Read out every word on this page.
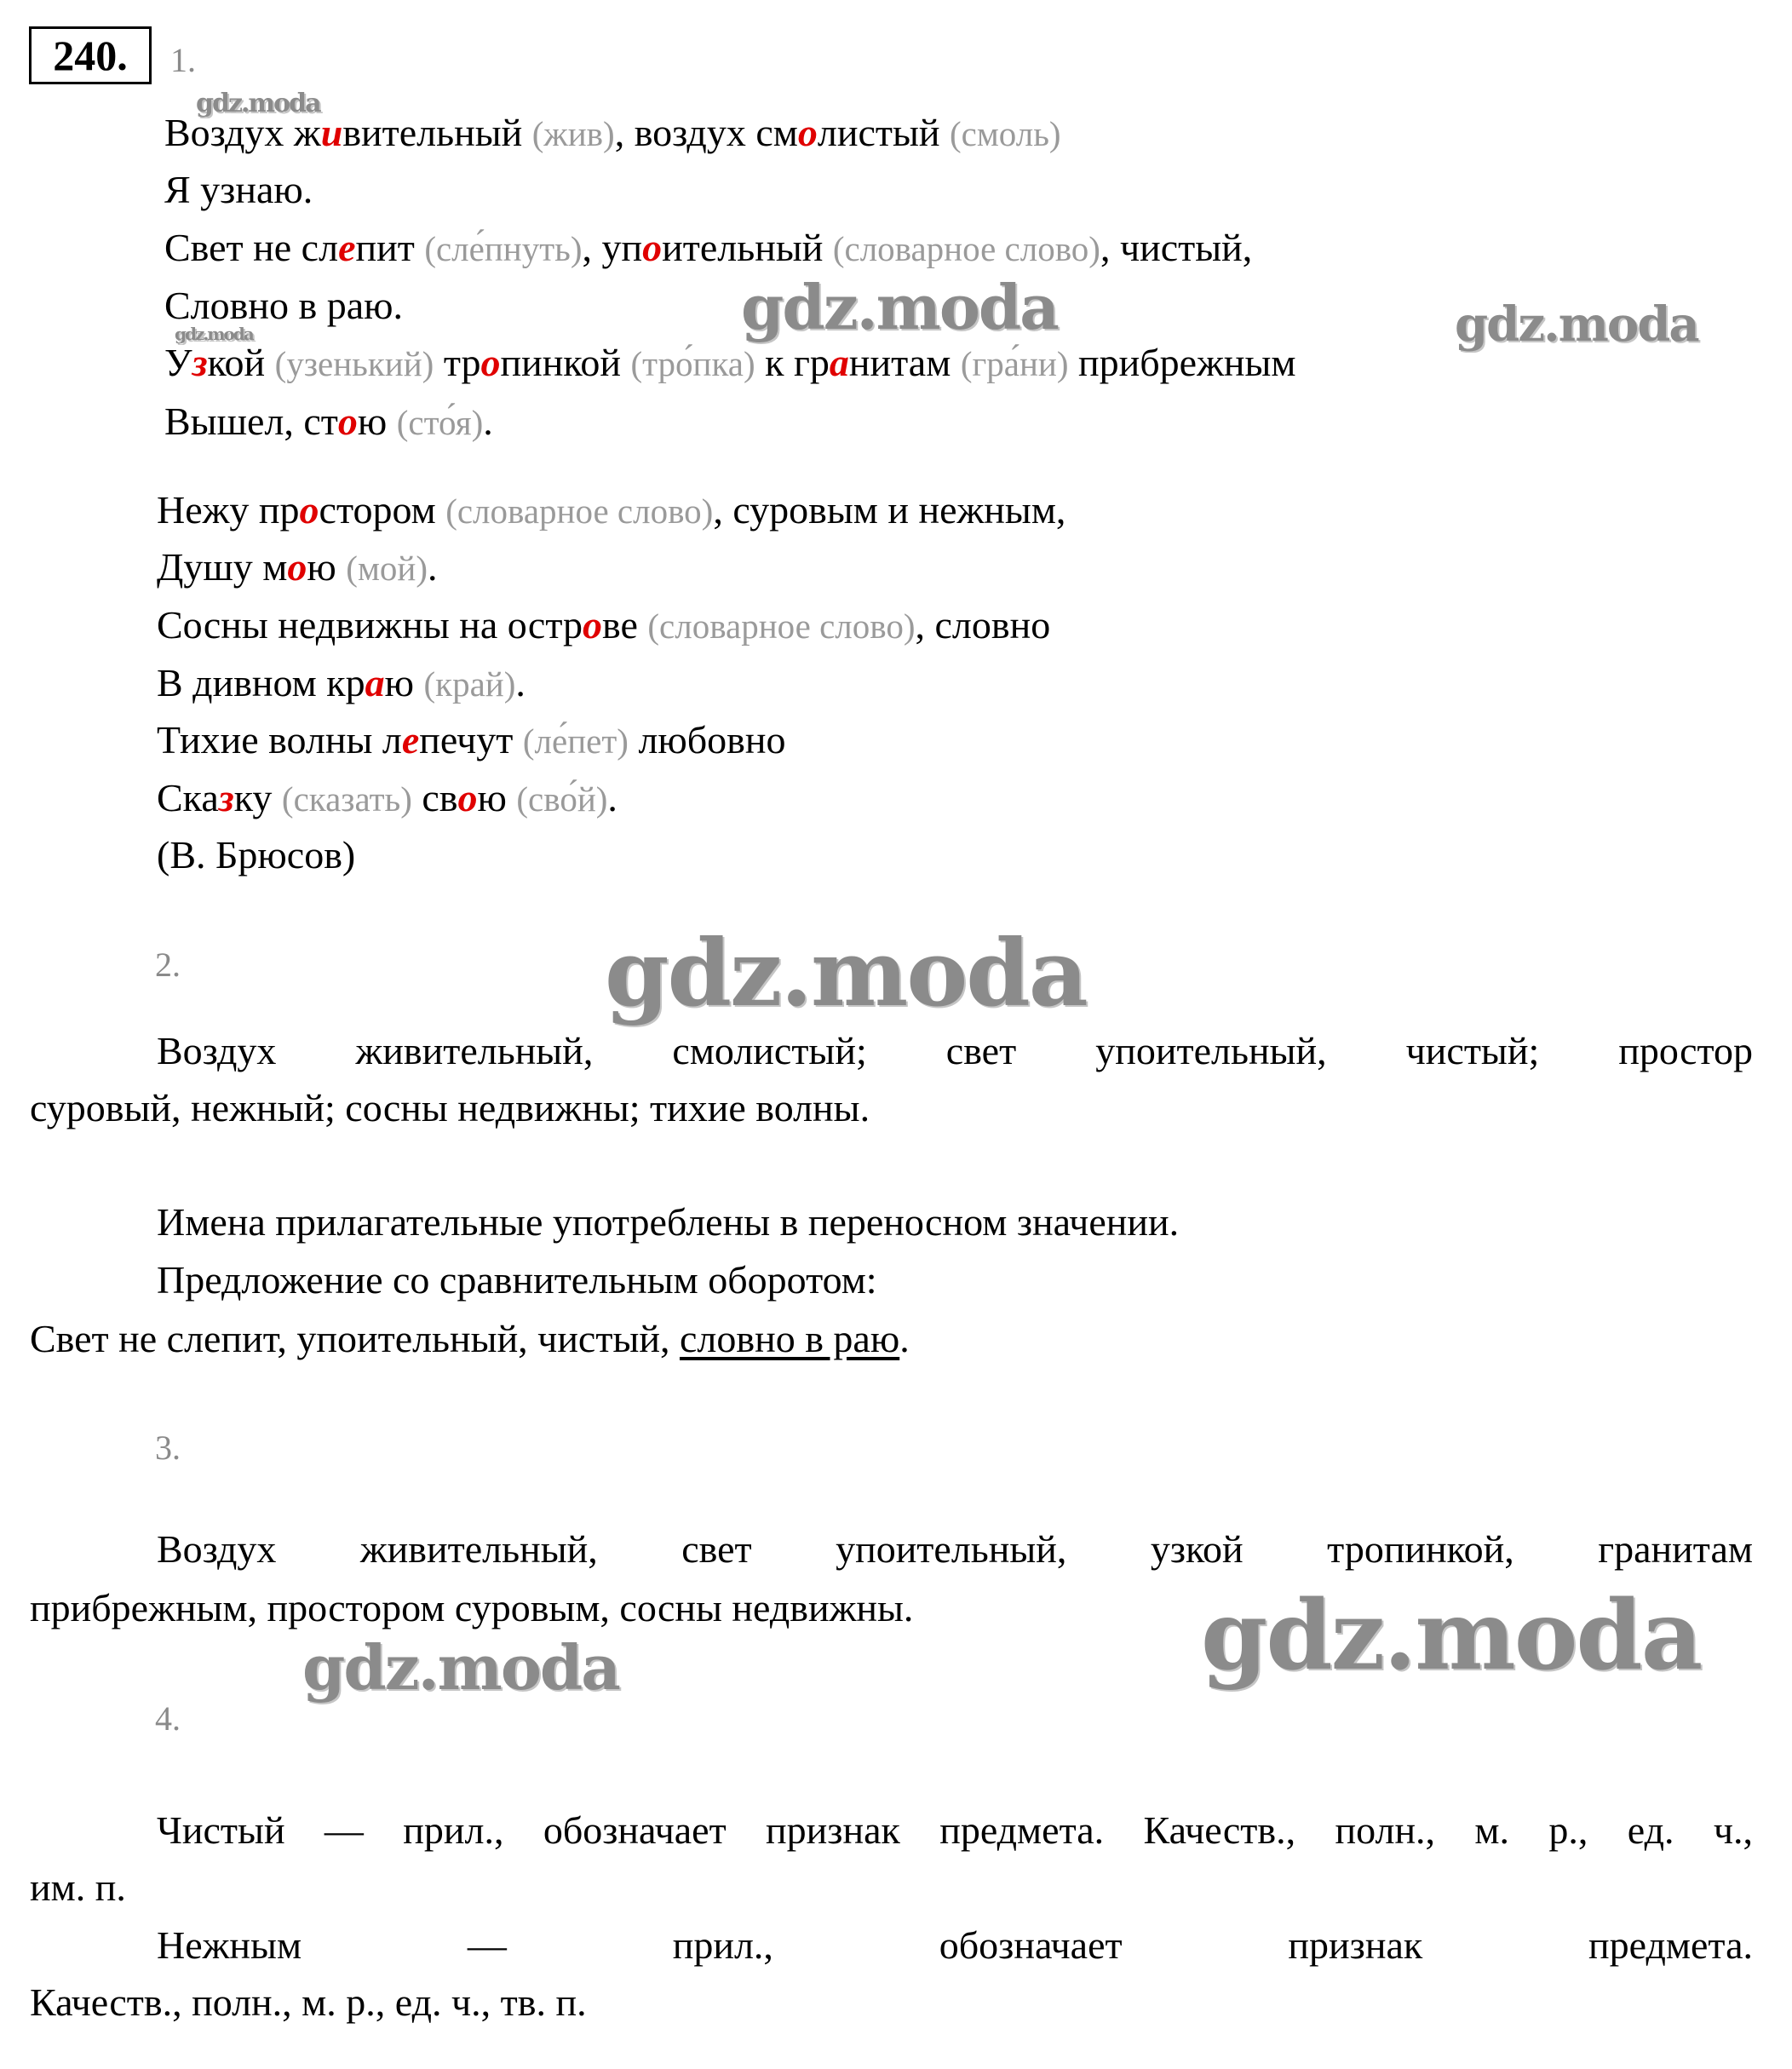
240.	1.
Воздух живительный (жив), воздух смолистый (смоль)
Я узнаю.
Свет не слепит (сле́пнуть), упоительный (словарное слово), чистый,
Словно в раю.
Узкой (узенький) тропинкой (тро́пка) к гранитам (гра́ни) прибрежным
Вышел, стою (сто́я).
Нежу простором (словарное слово), суровым и нежным,
Душу мою (мой).
Сосны недвижны на острове (словарное слово), словно
В дивном краю (край).
Тихие волны лепечут (ле́пет) любовно
Сказку (сказать) свою (сво́й).
(В. Брюсов)
2.
Воздух живительный, смолистый; свет упоительный, чистый; простор
суровый, нежный; сосны недвижны; тихие волны.
Имена прилагательные употреблены в переносном значении.
Предложение со сравнительным оборотом:
Свет не слепит, упоительный, чистый, словно в раю.
3.
Воздух живительный, свет упоительный, узкой тропинкой, гранитам
прибрежным, простором суровым, сосны недвижны.
4.
Чистый — прил., обозначает признак предмета. Качеств., полн., м. р., ед. ч.,
им. п.
Нежным — прил., обозначает признак предмета.
Качеств., полн., м. р., ед. ч., тв. п.
gdz.moda
gdz.moda	gdz.moda
gdz.moda
gdz.moda
gdz.moda
gdz.moda
